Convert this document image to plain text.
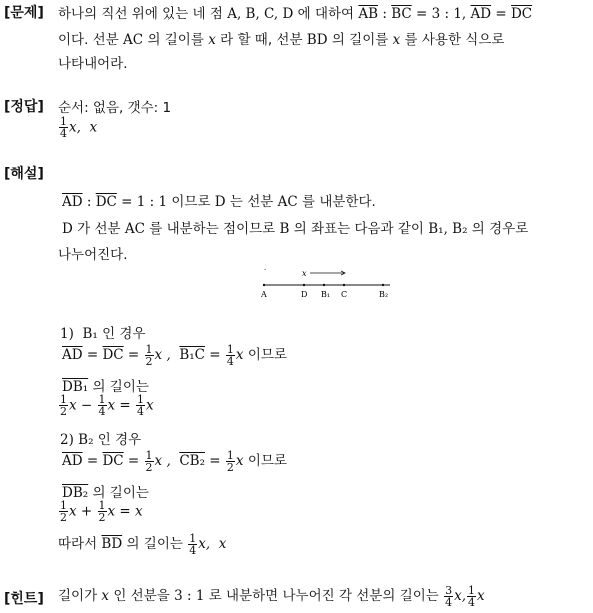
[문제]
[정답]
[해설]
[힌트]
하나의 직선 위에 있는 네 점 A, B, C, D 에 대하여 $\overline{AB}$ : $\overline{BC} = 3$ : 1, $\overline{AD} = \overline{DC}$
이다. 선분 AC 의 길이를 x 라 할 때, 선분 BD 의 길이를 x 를 사용한 식으로
나타내어라.
순서: 없음, 갯수: 1
$\frac{1}{4} x$, x
$\overline{AD}$ : $\overline{DC} = 1$ : 1 이므로 D 는 선분 AC 를 내분한다.
D 가 선분 AC 를 내분하는 점이므로 B 의 좌표는 다음과 같이 B₁, B₂ 의 경우로
나누어진다.
·	x
A	D B₁ C	B₂
1) B₁ 인 경우
$\overline{AD} = \overline{DC} = \frac{1}{2}$ x , $B_1C = \frac{1}{4}$ x 이므로
DB₁ 의 길이는
$\frac{1}{2}$ $x - \frac{1}{4}$ $x = \frac{1}{4}$ x
2) B₂ 인 경우
$\overline{AD} = \overline{DC} = \frac{1}{2}$ x , $CB_2 = \frac{1}{2}$ x 이므로
DB₂ 의 길이는
$\frac{1}{2}$ $x + \frac{1}{2}$ x = x
따라서 $\overline{BD}$ 의 길이는 $\frac{1}{4} x$, x
길이가 x 인 선분을 3 : 1 로 내분하면 나누어진 각 선분의 길이는 $\frac{3}{4} x$, $\frac{1}{4}$ x
